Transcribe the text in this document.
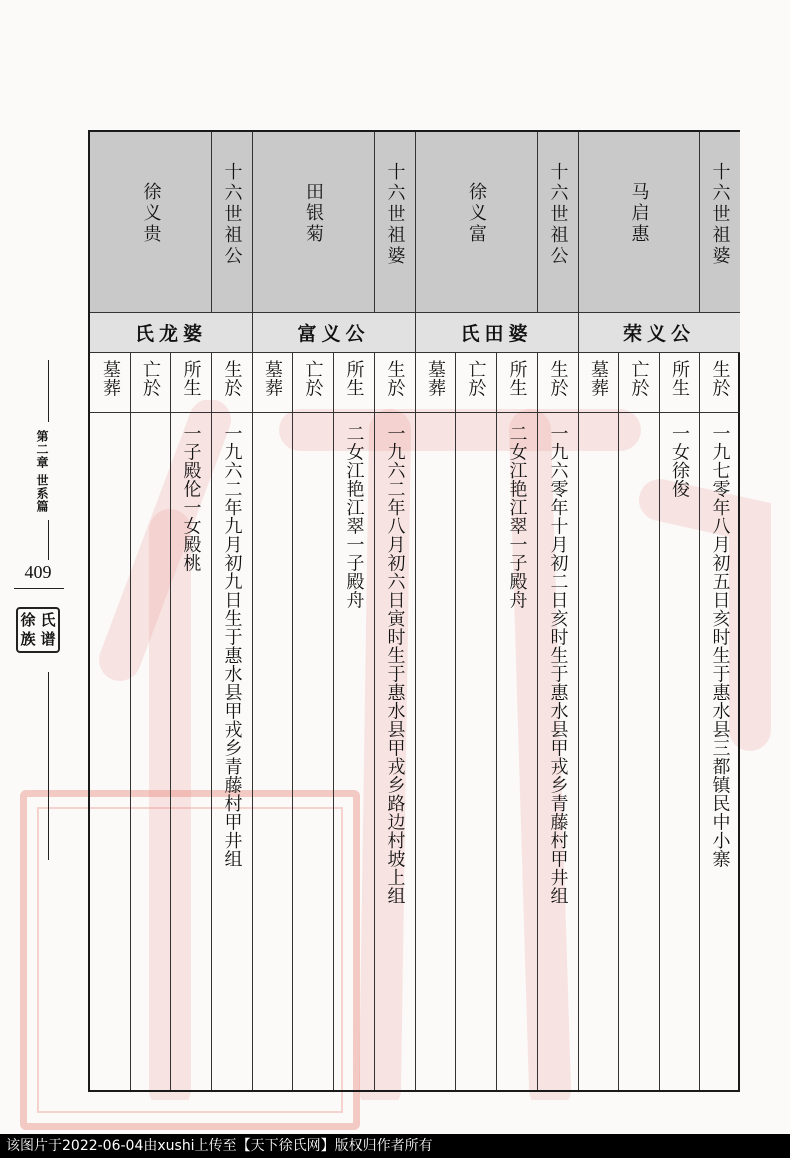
第二章 世系篇
409
徐 氏
族 谱
十六世祖婆
马启惠
十六世祖公
徐义富
十六世祖婆
田银菊
十六世祖公
徐义贵
荣义公
氏田婆
富义公
氏龙婆
生於
所生
亡於
墓葬
生於
所生
亡於
墓葬
生於
所生
亡於
墓葬
生於
所生
亡於
墓葬
一九七零年八月初五日亥时生于惠水县三都镇民中小寨
一女徐俊
一九六零年十月初二日亥时生于惠水县甲戎乡青藤村甲井组
二女江艳江翠一子殿舟
一九六二年八月初六日寅时生于惠水县甲戎乡路边村坡上组
二女江艳江翠一子殿舟
一九六二年九月初九日生于惠水县甲戎乡青藤村甲井组
一子殿伦一女殿桃
该图片于2022-06-04由xushi上传至【天下徐氏网】版权归作者所有
